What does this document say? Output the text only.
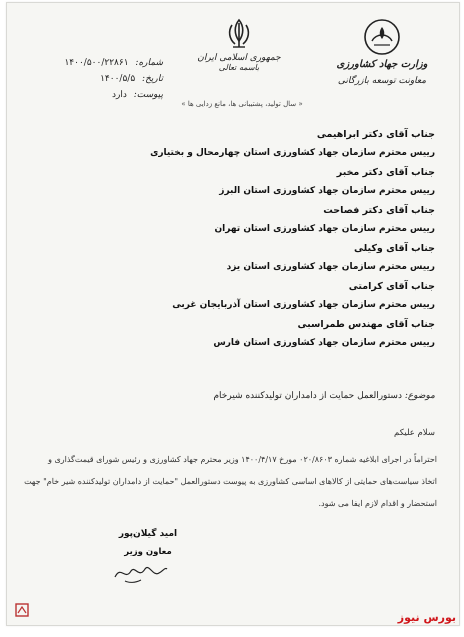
شماره: ۱۴۰۰/۵۰۰/۲۲۸۶۱
تاریخ: ۱۴۰۰/۵/۵
پیوست: دارد
جمهوری اسلامی ایران
باسمه تعالی
« سال تولید، پشتیبانی ها، مانع زدایی ها »
وزارت جهاد کشاورزی
معاونت توسعه بازرگانی
جناب آقای دکتر ابراهیمی
رییس محترم سازمان جهاد کشاورزی استان چهارمحال و بختیاری
جناب آقای دکتر مخبر
رییس محترم سازمان جهاد کشاورزی استان البرز
جناب آقای دکتر فصاحت
رییس محترم سازمان جهاد کشاورزی استان تهران
جناب آقای وکیلی
رییس محترم سازمان جهاد کشاورزی استان یزد
جناب آقای کرامتی
رییس محترم سازمان جهاد کشاورزی استان آذربایجان غربی
جناب آقای مهندس طمراسبی
رییس محترم سازمان جهاد کشاورزی استان فارس
موضوع: دستورالعمل حمایت از دامداران تولیدکننده شیرخام
سلام علیکم
احتراماً در اجرای ابلاغیه شماره ۰۲۰/۸۶۰۳ مورخ ۱۴۰۰/۴/۱۷ وزیر محترم جهاد کشاورزی و رئیس شورای قیمت‌گذاری و
اتخاذ سیاست‌های حمایتی از کالاهای اساسی کشاورزی به پیوست دستورالعمل "حمایت از دامداران تولیدکننده شیر خام" جهت
استحضار و اقدام لازم ایفا می شود.
امید گیلان‌پور
معاون وزیر
بورس نیوز
